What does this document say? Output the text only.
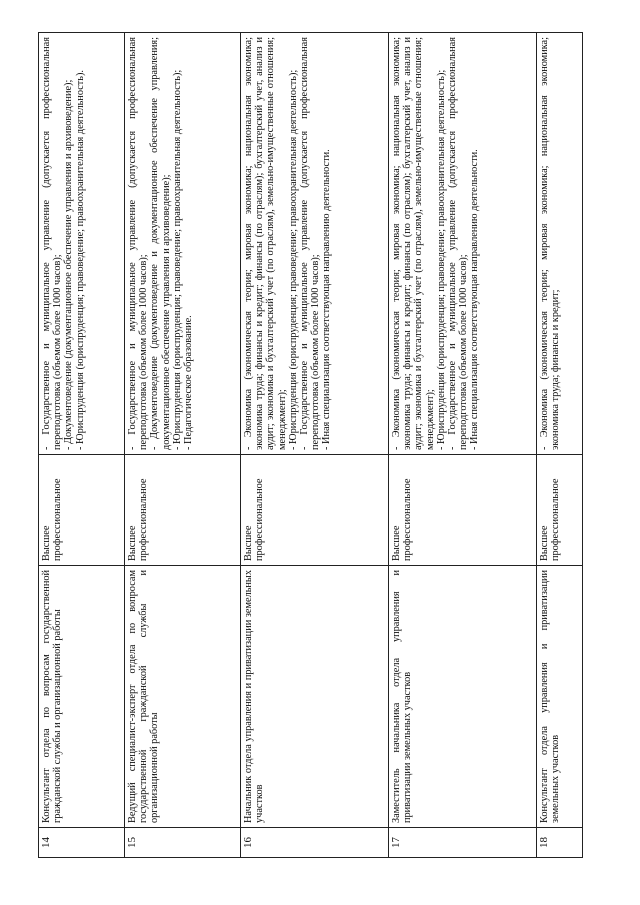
14	Консультант отдела по вопросам государственной гражданской службы и организационной работы	Высшее профессиональное	- Государственное и муниципальное управление (допускается профессиональная переподготовка (объемом более 1000 часов); - Документоведение (документационное обеспечение управления и архивоведение); - Юриспруденция (юриспруденция; правоведение; правоохранительная деятельность).

15	Ведущий специалист-эксперт отдела по вопросам государственной гражданской службы и организационной работы	Высшее профессиональное	- Государственное и муниципальное управление (допускается профессиональная переподготовка (объемом более 1000 часов); - Документоведение (документоведение и документационное обеспечение управления; документационное обеспечение управления и архивоведение); - Юриспруденция (юриспруденция; правоведение; правоохранительная деятельность); - Педагогическое образование.

16	Начальник отдела управления и приватизации земельных участков	Высшее профессиональное	- Экономика (экономическая теория; мировая экономика; национальная экономика; экономика труда; финансы и кредит; финансы (по отраслям); бухгалтерский учет, анализ и аудит; экономика и бухгалтерский учет (по отраслям), земельно-имущественные отношения; менеджмент); - Юриспруденция (юриспруденция; правоведение; правоохранительная деятельность); - Государственное и муниципальное управление (допускается профессиональная переподготовка (объемом более 1000 часов); - Иная специализация соответствующая направлению деятельности.

17	Заместитель начальника отдела управления и приватизации земельных участков	Высшее профессиональное	- Экономика (экономическая теория; мировая экономика; национальная экономика; экономика труда; финансы и кредит; финансы (по отраслям); бухгалтерский учет, анализ и аудит; экономика и бухгалтерский учет (по отраслям), земельно-имущественные отношения; менеджмент); - Юриспруденция (юриспруденция; правоведение; правоохранительная деятельность); - Государственное и муниципальное управление (допускается профессиональная переподготовка (объемом более 1000 часов); - Иная специализация соответствующая направлению деятельности.

18	Консультант отдела управления и приватизации земельных участков	Высшее профессиональное	- Экономика (экономическая теория; мировая экономика; национальная экономика; экономика труда; финансы и кредит;
